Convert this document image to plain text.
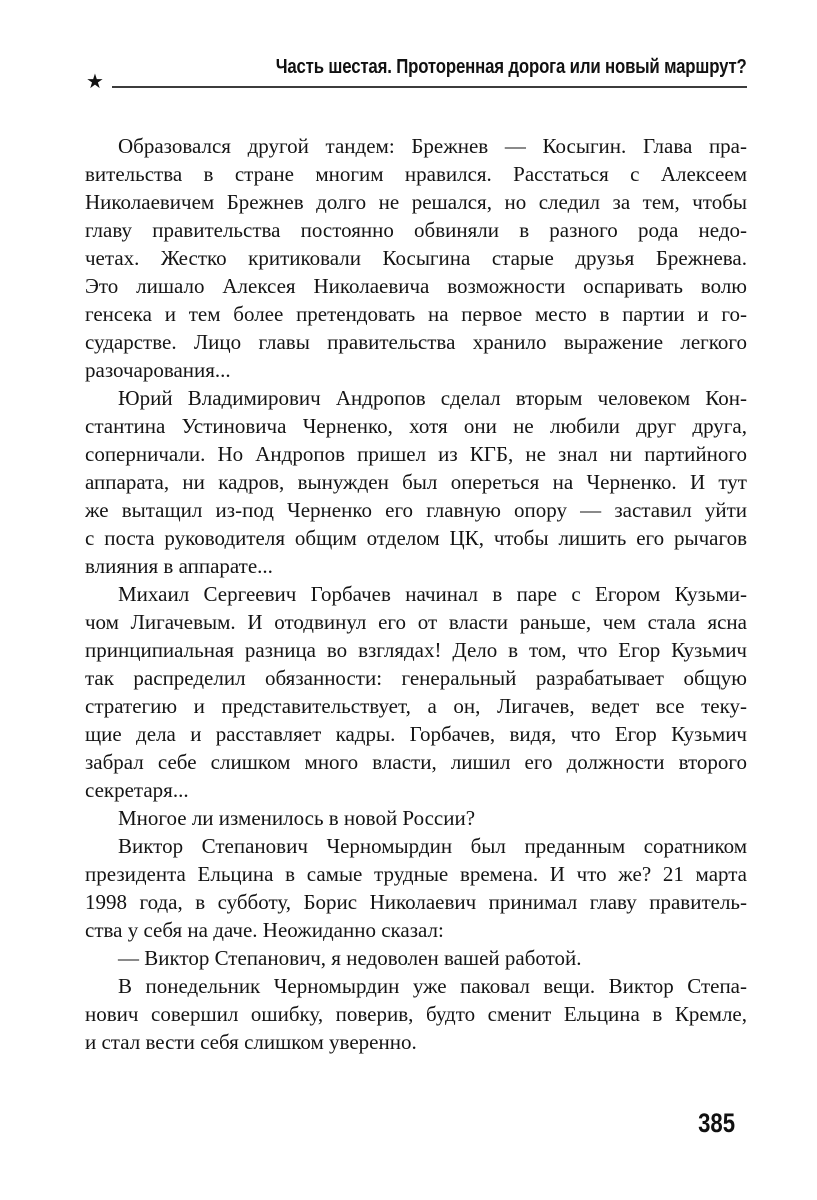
★
Часть шестая. Проторенная дорога или новый маршрут?
Образовался другой тандем: Брежнев — Косыгин. Глава пра-
вительства в стране многим нравился. Расстаться с Алексеем
Николаевичем Брежнев долго не решался, но следил за тем, чтобы
главу правительства постоянно обвиняли в разного рода недо-
четах. Жестко критиковали Косыгина старые друзья Брежнева.
Это лишало Алексея Николаевича возможности оспаривать волю
генсека и тем более претендовать на первое место в партии и го-
сударстве. Лицо главы правительства хранило выражение легкого
разочарования...
Юрий Владимирович Андропов сделал вторым человеком Кон-
стантина Устиновича Черненко, хотя они не любили друг друга,
соперничали. Но Андропов пришел из КГБ, не знал ни партийного
аппарата, ни кадров, вынужден был опереться на Черненко. И тут
же вытащил из-под Черненко его главную опору — заставил уйти
с поста руководителя общим отделом ЦК, чтобы лишить его рычагов
влияния в аппарате...
Михаил Сергеевич Горбачев начинал в паре с Егором Кузьми-
чом Лигачевым. И отодвинул его от власти раньше, чем стала ясна
принципиальная разница во взглядах! Дело в том, что Егор Кузьмич
так распределил обязанности: генеральный разрабатывает общую
стратегию и представительствует, а он, Лигачев, ведет все теку-
щие дела и расставляет кадры. Горбачев, видя, что Егор Кузьмич
забрал себе слишком много власти, лишил его должности второго
секретаря...
Многое ли изменилось в новой России?
Виктор Степанович Черномырдин был преданным соратником
президента Ельцина в самые трудные времена. И что же? 21 марта
1998 года, в субботу, Борис Николаевич принимал главу правитель-
ства у себя на даче. Неожиданно сказал:
— Виктор Степанович, я недоволен вашей работой.
В понедельник Черномырдин уже паковал вещи. Виктор Степа-
нович совершил ошибку, поверив, будто сменит Ельцина в Кремле,
и стал вести себя слишком уверенно.
385
